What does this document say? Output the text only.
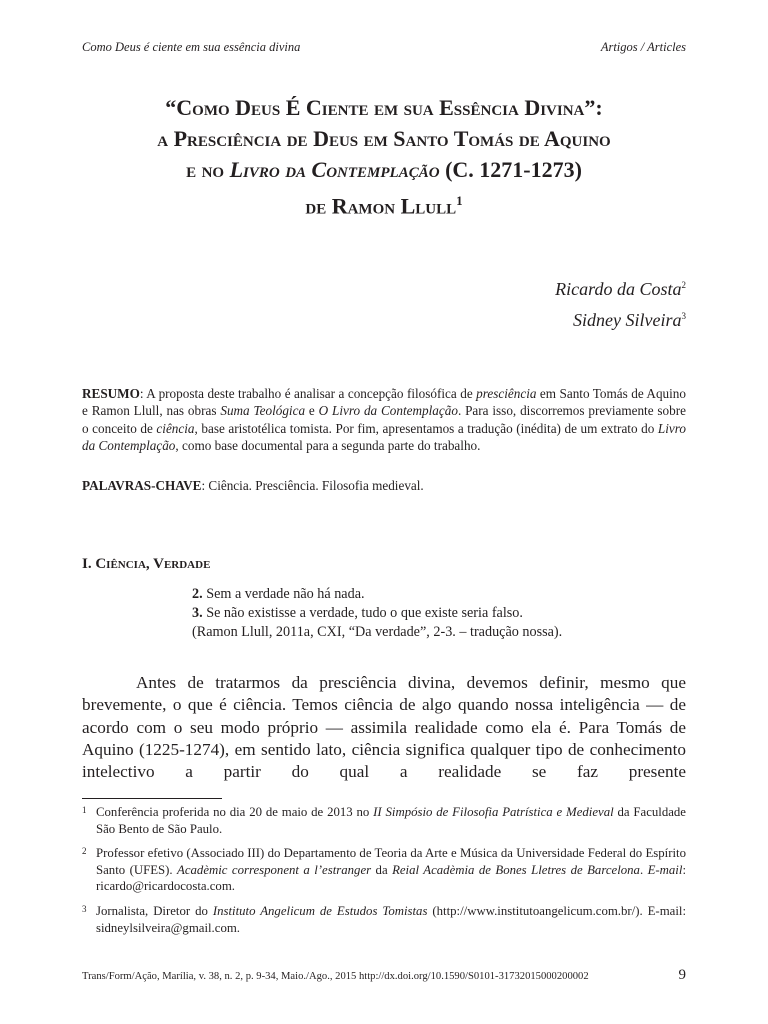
Como Deus é ciente em sua essência divina	Artigos / Articles
“Como Deus É Ciente em sua Essência Divina”:
a Presciência de Deus em Santo Tomás de Aquino
e no Livro da Contemplação (C. 1271-1273)
de Ramon Llull$^1$
Ricardo da Costa$^2$
Sidney Silveira$^3$
RESUMO: A proposta deste trabalho é analisar a concepção filosófica de presciência em Santo Tomás de Aquino e Ramon Llull, nas obras Suma Teológica e O Livro da Contemplação. Para isso, discorremos previamente sobre o conceito de ciência, base aristotélica tomista. Por fim, apresentamos a tradução (inédita) de um extrato do Livro da Contemplação, como base documental para a segunda parte do trabalho.
PALAVRAS-CHAVE: Ciência. Presciência. Filosofia medieval.
I. Ciência, Verdade
2. Sem a verdade não há nada.
3. Se não existisse a verdade, tudo o que existe seria falso.
(Ramon Llull, 2011a, CXI, “Da verdade”, 2-3. – tradução nossa).

Antes de tratarmos da presciência divina, devemos definir, mesmo que brevemente, o que é ciência. Temos ciência de algo quando nossa inteligência — de acordo com o seu modo próprio — assimila realidade como ela é. Para Tomás de Aquino (1225-1274), em sentido lato, ciência significa qualquer tipo de conhecimento intelectivo a partir do qual a realidade se faz presente

1 Conferência proferida no dia 20 de maio de 2013 no II Simpósio de Filosofia Patrística e Medieval da Faculdade São Bento de São Paulo.
2 Professor efetivo (Associado III) do Departamento de Teoria da Arte e Música da Universidade Federal do Espírito Santo (UFES). Acadèmic corresponent a l’estranger da Reial Acadèmia de Bones Lletres de Barcelona. E-mail: ricardo@ricardocosta.com.
3 Jornalista, Diretor do Instituto Angelicum de Estudos Tomistas (http://www.institutoangelicum.com.br/). E-mail: sidneylsilveira@gmail.com.
Trans/Form/Ação, Marília, v. 38, n. 2, p. 9-34, Maio./Ago., 2015 http://dx.doi.org/10.1590/S0101-31732015000200002	9
